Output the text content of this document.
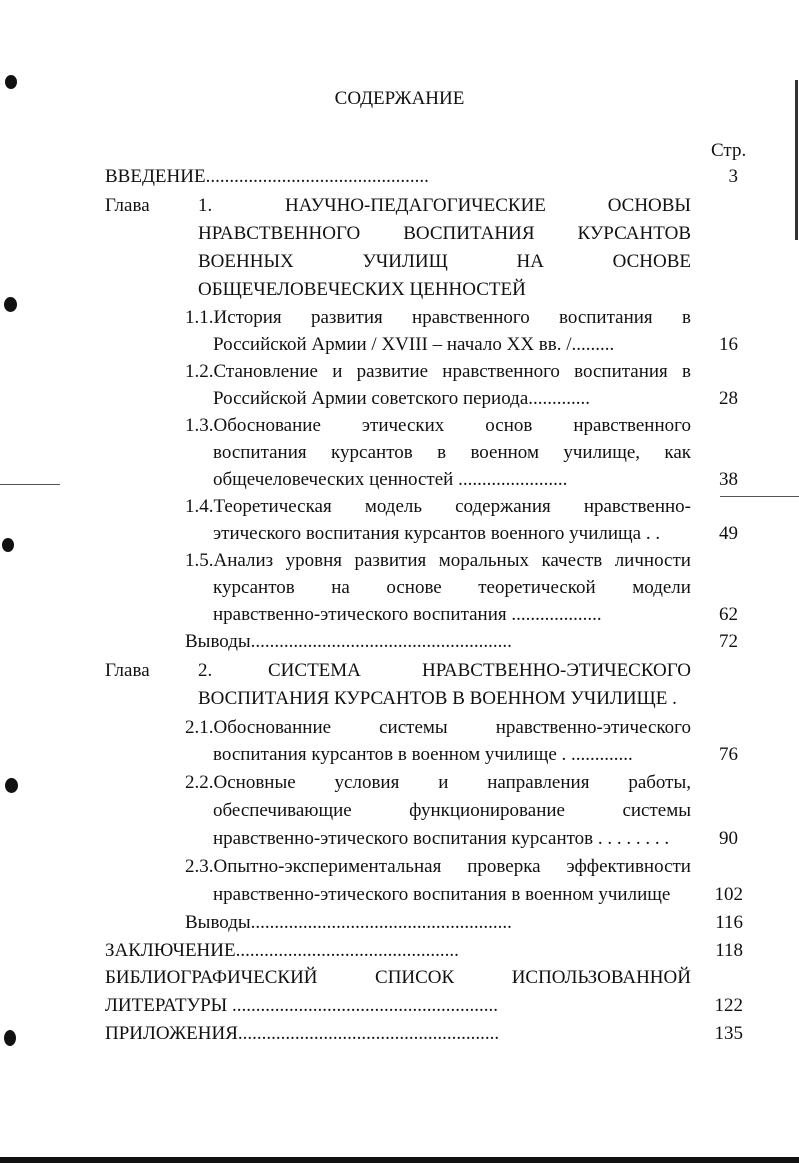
СОДЕРЖАНИЕ
Стр.
ВВЕДЕНИЕ...............................................	3
Глава	1.	НАУЧНО-ПЕДАГОГИЧЕСКИЕ	ОСНОВЫ
НРАВСТВЕННОГО ВОСПИТАНИЯ КУРСАНТОВ
ВОЕННЫХ	УЧИЛИЩ	НА	ОСНОВЕ
ОБЩЕЧЕЛОВЕЧЕСКИХ ЦЕННОСТЕЙ
1.1.История развития нравственного воспитания в
Российской Армии / XVIII – начало XX вв. /.........	16
1.2.Становление и развитие нравственного воспитания в
Российской Армии советского периода.............	28
1.3.Обоснование этических основ нравственного
воспитания курсантов в военном училище, как
общечеловеческих ценностей .......................	38
1.4.Теоретическая модель содержания нравственно-
этического воспитания курсантов военного училища . .	49
1.5.Анализ уровня развития моральных качеств личности
курсантов на основе теоретической модели
нравственно-этического воспитания ...................	62
Выводы.......................................................	72
Глава	2.	СИСТЕМА	НРАВСТВЕННО-ЭТИЧЕСКОГО
ВОСПИТАНИЯ КУРСАНТОВ В ВОЕННОМ УЧИЛИЩЕ .
2.1.Обоснованние	системы	нравственно-этического
воспитания курсантов в военном училище . .............	76
2.2.Основные условия и направления работы,
обеспечивающие	функционирование	системы
нравственно-этического воспитания курсантов . . . . . . . .	90
2.3.Опытно-экспериментальная проверка эффективности
нравственно-этического воспитания в военном училище	102
Выводы.......................................................	116
ЗАКЛЮЧЕНИЕ...............................................	118
БИБЛИОГРАФИЧЕСКИЙ	СПИСОК	ИСПОЛЬЗОВАННОЙ
ЛИТЕРАТУРЫ ........................................................	122
ПРИЛОЖЕНИЯ.......................................................	135
